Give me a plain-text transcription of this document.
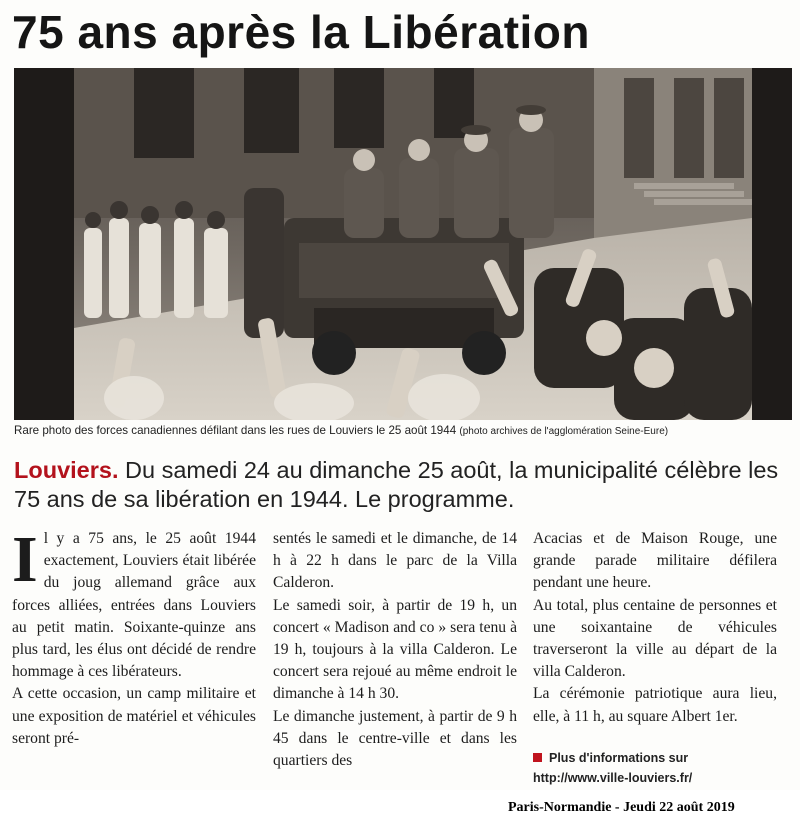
75 ans après la Libération
Rare photo des forces canadiennes défilant dans les rues de Louviers le 25 août 1944 (photo archives de l'agglomération Seine-Eure)
Louviers. Du samedi 24 au dimanche 25 août, la municipalité célèbre les 75 ans de sa libération en 1944. Le programme.

Il y a 75 ans, le 25 août 1944 exactement, Louviers était libérée du joug allemand grâce aux forces alliées, entrées dans Louviers au petit matin. Soixante-quinze ans plus tard, les élus ont décidé de rendre hommage à ces libérateurs.

A cette occasion, un camp militaire et une exposition de matériel et véhicules seront pré-

sentés le samedi et le dimanche, de 14 h à 22 h dans le parc de la Villa Calderon.

Le samedi soir, à partir de 19 h, un concert « Madison and co » sera tenu à 19 h, toujours à la villa Calderon. Le concert sera rejoué au même endroit le dimanche à 14 h 30.

Le dimanche justement, à partir de 9 h 45 dans le centre-ville et dans les quartiers des

Acacias et de Maison Rouge, une grande parade militaire défilera pendant une heure.

Au total, plus centaine de personnes et une soixantaine de véhicules traverseront la ville au départ de la villa Calderon.

La cérémonie patriotique aura lieu, elle, à 11 h, au square Albert 1er.

Plus d'informations sur
http://www.ville-louviers.fr/
Paris-Normandie - Jeudi 22 août 2019
